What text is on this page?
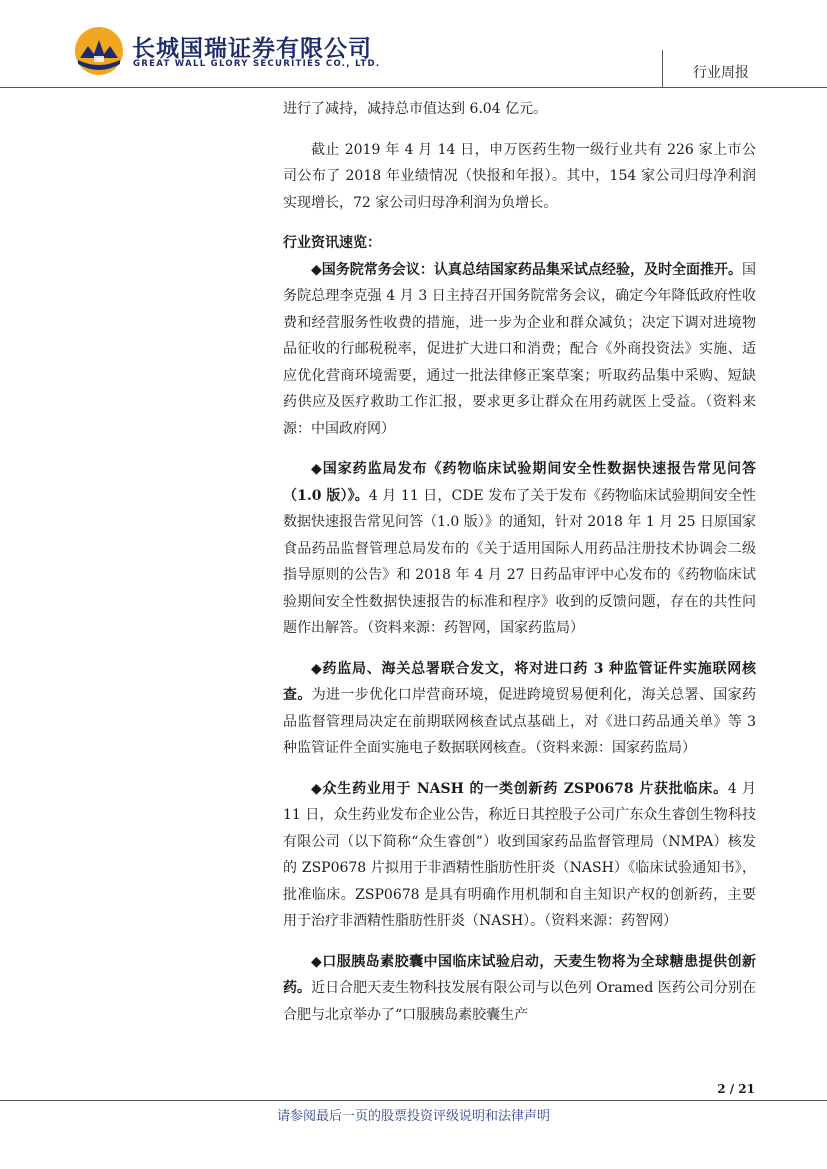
长城国瑞证券有限公司
GREAT WALL GLORY SECURITIES CO., LTD.
行业周报

进行了减持，减持总市值达到 6.04 亿元。

截止 2019 年 4 月 14 日，申万医药生物一级行业共有 226 家上市公司公布了 2018 年业绩情况（快报和年报）。其中，154 家公司归母净利润实现增长，72 家公司归母净利润为负增长。

行业资讯速览：

◆国务院常务会议：认真总结国家药品集采试点经验，及时全面推开。国务院总理李克强 4 月 3 日主持召开国务院常务会议，确定今年降低政府性收费和经营服务性收费的措施，进一步为企业和群众减负；决定下调对进境物品征收的行邮税税率，促进扩大进口和消费；配合《外商投资法》实施、适应优化营商环境需要，通过一批法律修正案草案；听取药品集中采购、短缺药供应及医疗救助工作汇报，要求更多让群众在用药就医上受益。（资料来源：中国政府网）

◆国家药监局发布《药物临床试验期间安全性数据快速报告常见问答（1.0 版）》。4 月 11 日，CDE 发布了关于发布《药物临床试验期间安全性数据快速报告常见问答（1.0 版）》的通知，针对 2018 年 1 月 25 日原国家食品药品监督管理总局发布的《关于适用国际人用药品注册技术协调会二级指导原则的公告》和 2018 年 4 月 27 日药品审评中心发布的《药物临床试验期间安全性数据快速报告的标准和程序》收到的反馈问题，存在的共性问题作出解答。（资料来源：药智网，国家药监局）

◆药监局、海关总署联合发文，将对进口药 3 种监管证件实施联网核查。为进一步优化口岸营商环境，促进跨境贸易便利化，海关总署、国家药品监督管理局决定在前期联网核查试点基础上，对《进口药品通关单》等 3 种监管证件全面实施电子数据联网核查。（资料来源：国家药监局）

◆众生药业用于 NASH 的一类创新药 ZSP0678 片获批临床。4 月 11 日，众生药业发布企业公告，称近日其控股子公司广东众生睿创生物科技有限公司（以下简称“众生睿创”）收到国家药品监督管理局（NMPA）核发的 ZSP0678 片拟用于非酒精性脂肪性肝炎（NASH）《临床试验通知书》，批准临床。ZSP0678 是具有明确作用机制和自主知识产权的创新药，主要用于治疗非酒精性脂肪性肝炎（NASH）。（资料来源：药智网）

◆口服胰岛素胶囊中国临床试验启动，天麦生物将为全球糖患提供创新药。近日合肥天麦生物科技发展有限公司与以色列 Oramed 医药公司分别在合肥与北京举办了“口服胰岛素胶囊生产

2 / 21
请参阅最后一页的股票投资评级说明和法律声明
